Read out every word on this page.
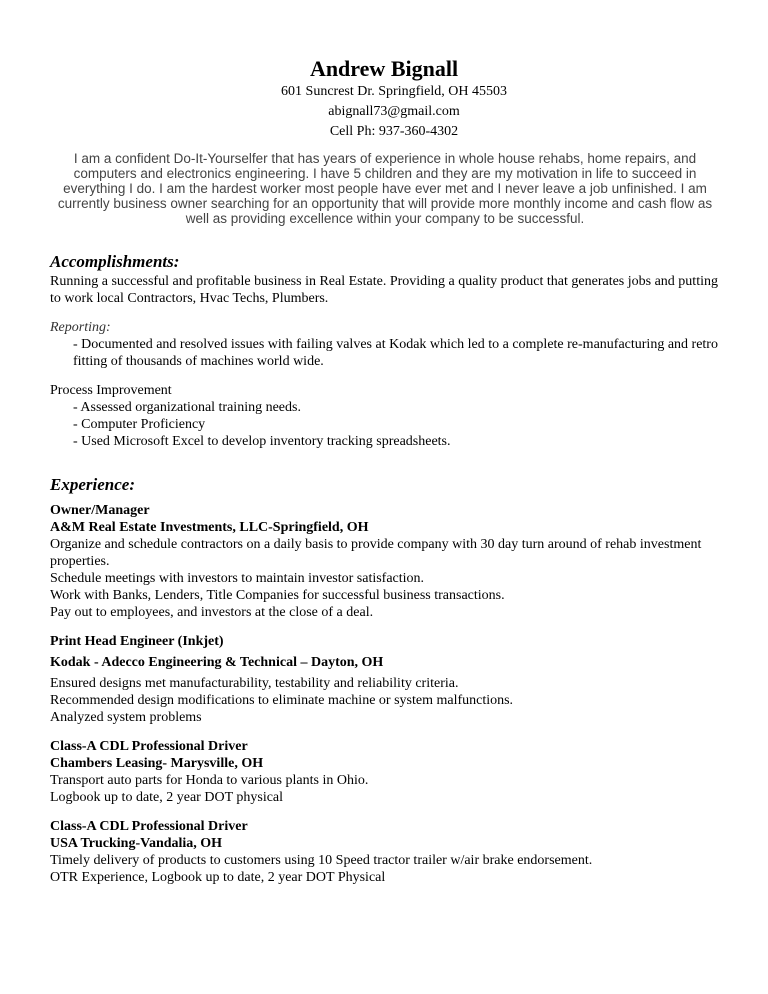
Andrew Bignall
601 Suncrest Dr. Springfield, OH 45503
abignall73@gmail.com
Cell Ph: 937-360-4302
I am a confident Do-It-Yourselfer that has years of experience in whole house rehabs, home repairs, and computers and electronics engineering. I have 5 children and they are my motivation in life to succeed in everything I do. I am the hardest worker most people have ever met and I never leave a job unfinished. I am currently business owner searching for an opportunity that will provide more monthly income and cash flow as well as providing excellence within your company to be successful.
Accomplishments:
Running a successful and profitable business in Real Estate. Providing a quality product that generates jobs and putting to work local Contractors, Hvac Techs, Plumbers.
Reporting:
- Documented and resolved issues with failing valves at Kodak which led to a complete re-manufacturing and retro fitting of thousands of machines world wide.
Process Improvement
- Assessed organizational training needs.
- Computer Proficiency
- Used Microsoft Excel to develop inventory tracking spreadsheets.
Experience:
Owner/Manager
A&M Real Estate Investments, LLC-Springfield, OH
Organize and schedule contractors on a daily basis to provide company with 30 day turn around of rehab investment properties.
Schedule meetings with investors to maintain investor satisfaction.
Work with Banks, Lenders, Title Companies for successful business transactions.
Pay out to employees, and investors at the close of a deal.
Print Head Engineer (Inkjet)
Kodak - Adecco Engineering & Technical – Dayton, OH
Ensured designs met manufacturability, testability and reliability criteria.
Recommended design modifications to eliminate machine or system malfunctions.
Analyzed system problems
Class-A CDL Professional Driver
Chambers Leasing- Marysville, OH
Transport auto parts for Honda to various plants in Ohio.
Logbook up to date, 2 year DOT physical
Class-A CDL Professional Driver
USA Trucking-Vandalia, OH
Timely delivery of products to customers using 10 Speed tractor trailer w/air brake endorsement.
OTR Experience, Logbook up to date, 2 year DOT Physical
